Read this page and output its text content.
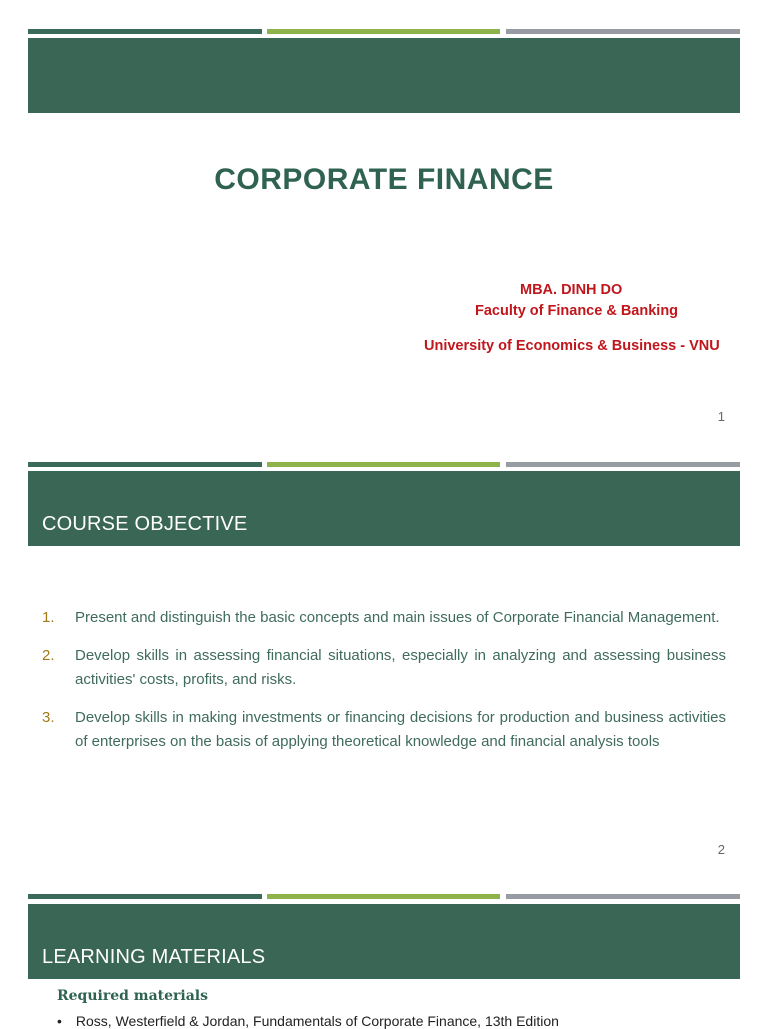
CORPORATE FINANCE
MBA. DINH DO
Faculty of Finance & Banking
University of Economics & Business - VNU
1
COURSE OBJECTIVE
2
1. Present and distinguish the basic concepts and main issues of Corporate Financial Management.
2. Develop skills in assessing financial situations, especially in analyzing and assessing business activities' costs, profits, and risks.
3. Develop skills in making investments or financing decisions for production and business activities of enterprises on the basis of applying theoretical knowledge and financial analysis tools
LEARNING MATERIALS
Required materials
• Ross, Westerfield & Jordan, Fundamentals of Corporate Finance, 13th Edition
